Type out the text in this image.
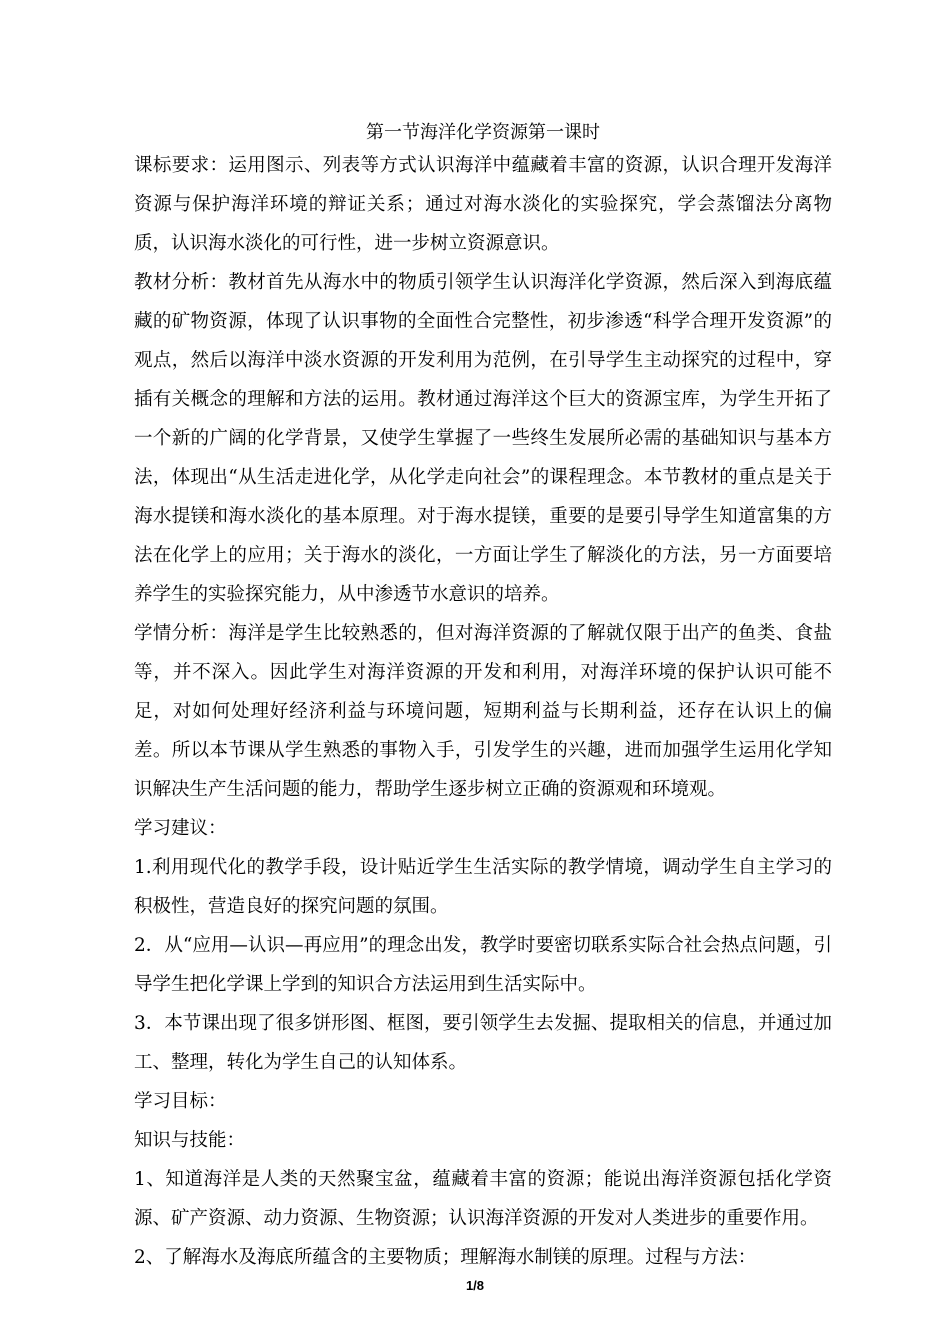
第一节海洋化学资源第一课时

课标要求：运用图示、列表等方式认识海洋中蕴藏着丰富的资源，认识合理开发海洋资源与保护海洋环境的辩证关系；通过对海水淡化的实验探究，学会蒸馏法分离物质，认识海水淡化的可行性，进一步树立资源意识。

教材分析：教材首先从海水中的物质引领学生认识海洋化学资源，然后深入到海底蕴藏的矿物资源，体现了认识事物的全面性合完整性，初步渗透“科学合理开发资源”的观点，然后以海洋中淡水资源的开发利用为范例，在引导学生主动探究的过程中，穿插有关概念的理解和方法的运用。教材通过海洋这个巨大的资源宝库，为学生开拓了一个新的广阔的化学背景，又使学生掌握了一些终生发展所必需的基础知识与基本方法，体现出“从生活走进化学，从化学走向社会”的课程理念。本节教材的重点是关于海水提镁和海水淡化的基本原理。对于海水提镁，重要的是要引导学生知道富集的方法在化学上的应用；关于海水的淡化，一方面让学生了解淡化的方法，另一方面要培养学生的实验探究能力，从中渗透节水意识的培养。

学情分析：海洋是学生比较熟悉的，但对海洋资源的了解就仅限于出产的鱼类、食盐等，并不深入。因此学生对海洋资源的开发和利用，对海洋环境的保护认识可能不足，对如何处理好经济利益与环境问题，短期利益与长期利益，还存在认识上的偏差。所以本节课从学生熟悉的事物入手，引发学生的兴趣，进而加强学生运用化学知识解决生产生活问题的能力，帮助学生逐步树立正确的资源观和环境观。

学习建议：

1.利用现代化的教学手段，设计贴近学生生活实际的教学情境，调动学生自主学习的积极性，营造良好的探究问题的氛围。

2．从“应用—认识—再应用”的理念出发，教学时要密切联系实际合社会热点问题，引导学生把化学课上学到的知识合方法运用到生活实际中。

3．本节课出现了很多饼形图、框图，要引领学生去发掘、提取相关的信息，并通过加工、整理，转化为学生自己的认知体系。

学习目标：

知识与技能：

1、知道海洋是人类的天然聚宝盆，蕴藏着丰富的资源；能说出海洋资源包括化学资源、矿产资源、动力资源、生物资源；认识海洋资源的开发对人类进步的重要作用。

2、了解海水及海底所蕴含的主要物质；理解海水制镁的原理。过程与方法：

1/8
